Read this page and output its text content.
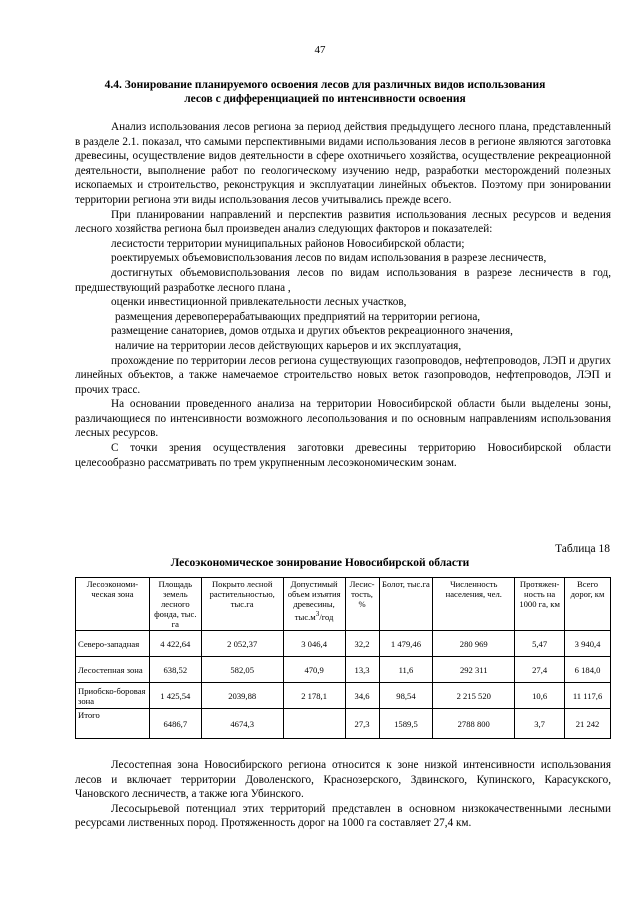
47
4.4. Зонирование планируемого освоения лесов для различных видов использования
лесов с дифференциацией по интенсивности освоения

Анализ использования лесов региона за период действия предыдущего лесного плана, представленный в разделе 2.1. показал, что самыми перспективными видами использования лесов в регионе являются заготовка древесины, осуществление видов деятельности в сфере охотничьего хозяйства, осуществление рекреационной деятельности, выполнение работ по геологическому изучению недр, разработки месторождений полезных ископаемых и строительство, реконструкция и эксплуатации линейных объектов. Поэтому при зонировании территории региона эти виды использования лесов учитывались прежде всего.

При планировании направлений и перспектив развития использования лесных ресурсов и ведения лесного хозяйства региона был произведен анализ следующих факторов и показателей:

лесистости территории муниципальных районов Новосибирской области;

роектируемых объемовиспользования лесов по видам использования в разрезе лесничеств,

достигнутых объемовиспользования лесов по видам использования в разрезе лесничеств в год, предшествующий разработке лесного плана ,

оценки инвестиционной привлекательности лесных участков,

размещения деревоперерабатывающих предприятий на территории региона,

размещение санаториев, домов отдыха и других объектов рекреационного значения,

наличие на территории лесов действующих карьеров и их эксплуатация,

прохождение по территории лесов региона существующих газопроводов, нефтепроводов, ЛЭП и других линейных объектов, а также намечаемое строительство новых веток газопроводов, нефтепроводов, ЛЭП и прочих трасс.

На основании проведенного анализа на территории Новосибирской области были выделены зоны, различающиеся по интенсивности возможного лесопользования и по основным направлениям использования лесных ресурсов.

С точки зрения осуществления заготовки древесины территорию Новосибирской области целесообразно рассматривать по трем укрупненным лесоэкономическим зонам.

Таблица 18
Лесоэкономическое зонирование Новосибирской области
Лесоэкономи-ческая зона	Площадь земель лесного фонда, тыс. га	Покрыто лесной растительностью, тыс.га	Допустимый объем изъятия древесины, $тыс.м^3$/год	Лесис-тость, %	Болот, тыс.га	Численность населения, чел.	Протяжен-ность на 1000 га, км	Всего дорог, км
Северо-западная	4 422,64	2 052,37	3 046,4	32,2	1 479,46	280 969	5,47	3 940,4
Лесостепная зона	638,52	582,05	470,9	13,3	11,6	292 311	27,4	6 184,0
Приобско-боровая зона	1 425,54	2039,88	2 178,1	34,6	98,54	2 215 520	10,6	11 117,6
Итого	6486,7	4674,3		27,3	1589,5	2788 800	3,7	21 242

Лесостепная зона Новосибирского региона относится к зоне низкой интенсивности использования лесов и включает территории Доволенского, Краснозерского, Здвинского, Купинского, Карасукского, Чановского лесничеств, а также юга Убинского.

Лесосырьевой потенциал этих территорий представлен в основном низкокачественными лесными ресурсами лиственных пород. Протяженность дорог на 1000 га составляет 27,4 км.
